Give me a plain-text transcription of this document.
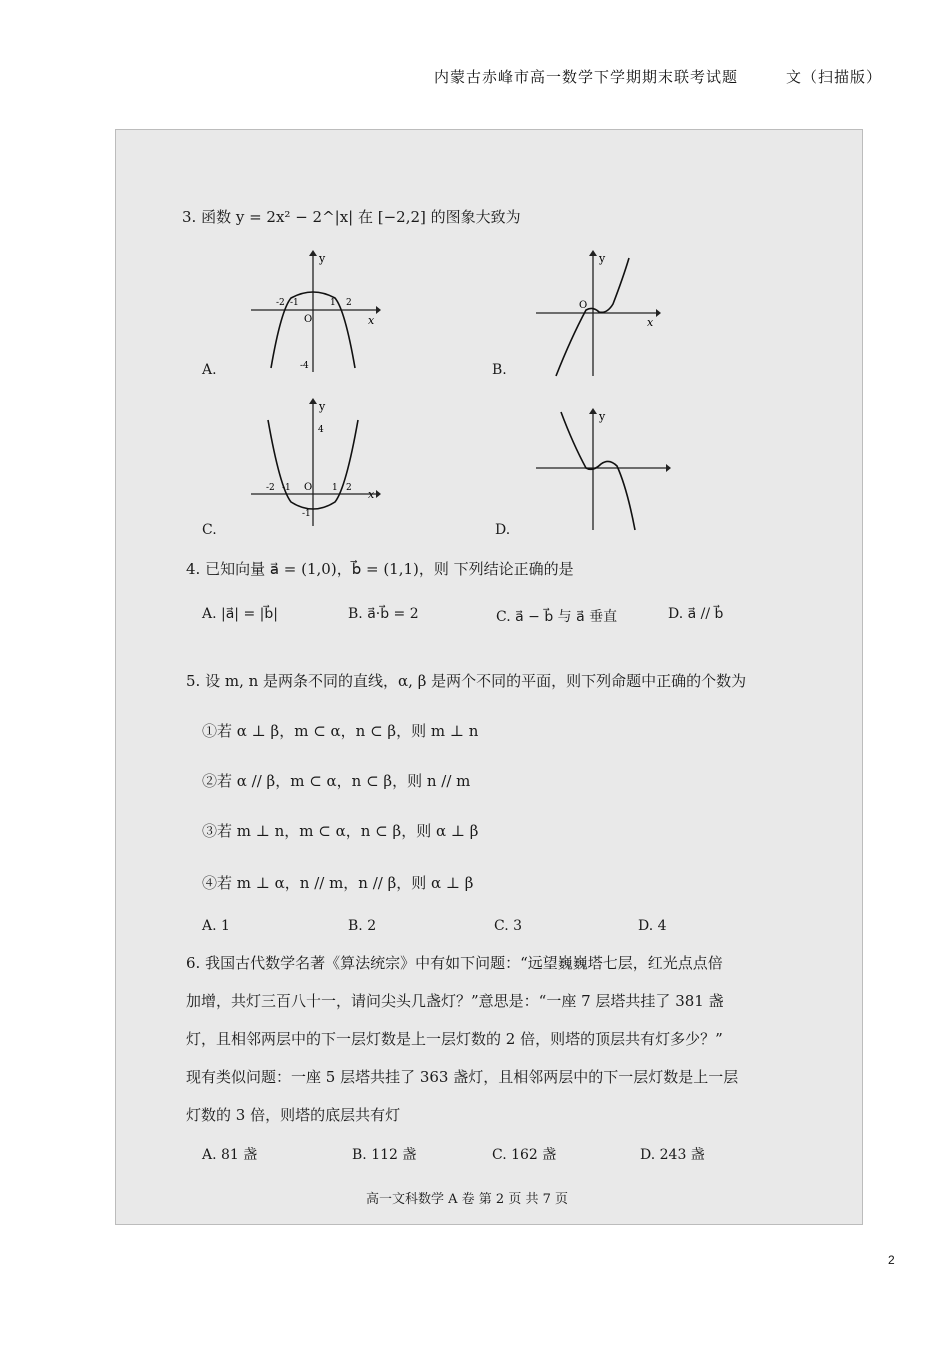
内蒙古赤峰市高一数学下学期期末联考试题	文（扫描版）
3. 函数 y = 2x² − 2^|x| 在 [−2,2] 的图象大致为
y
x
O
-2 -1	1 2
-4
A.
y
x
O
B.
y
x
O
-2 -1	1 2
4
-1
C.
y
D.
4. 已知向量 a⃗ = (1,0)，b⃗ = (1,1)，则 下列结论正确的是
A. |a⃗| = |b⃗|	B. a⃗·b⃗ = 2	C. a⃗ − b⃗ 与 a⃗ 垂直	D. a⃗ // b⃗
5. 设 m, n 是两条不同的直线，α, β 是两个不同的平面，则下列命题中正确的个数为
①若 α ⊥ β，m ⊂ α，n ⊂ β，则 m ⊥ n
②若 α // β，m ⊂ α，n ⊂ β，则 n // m
③若 m ⊥ n，m ⊂ α，n ⊂ β，则 α ⊥ β
④若 m ⊥ α，n // m，n // β，则 α ⊥ β
A. 1	B. 2	C. 3	D. 4
6. 我国古代数学名著《算法统宗》中有如下问题：“远望巍巍塔七层，红光点点倍
加增，共灯三百八十一，请问尖头几盏灯？”意思是：“一座 7 层塔共挂了 381 盏
灯，且相邻两层中的下一层灯数是上一层灯数的 2 倍，则塔的顶层共有灯多少？”
现有类似问题：一座 5 层塔共挂了 363 盏灯，且相邻两层中的下一层灯数是上一层
灯数的 3 倍，则塔的底层共有灯
A. 81 盏	B. 112 盏	C. 162 盏	D. 243 盏
高一文科数学 A 卷 第 2 页 共 7 页
2
